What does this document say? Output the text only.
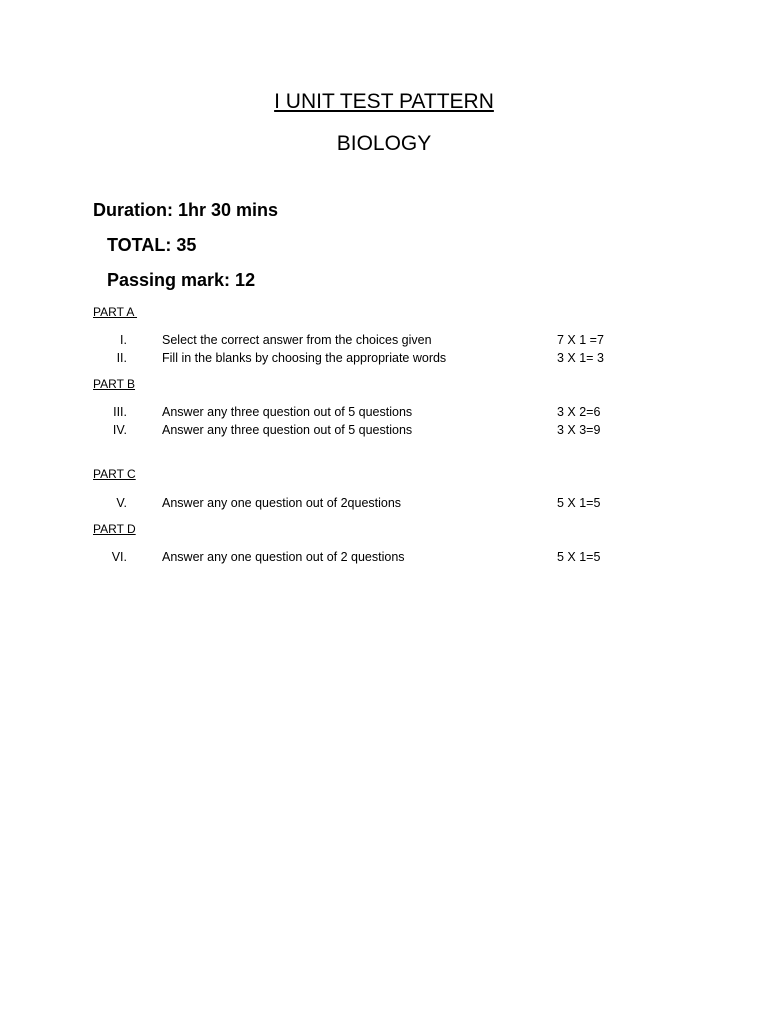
I UNIT TEST PATTERN
BIOLOGY
Duration: 1hr 30 mins
TOTAL: 35
Passing mark: 12
PART A
I.	Select the correct answer from the choices given	7 X 1 =7
II.	Fill in the blanks by choosing the appropriate words	3 X 1= 3
PART B
III.	Answer any three question out of 5 questions	3 X 2=6
IV.	Answer any three question out of 5 questions	3 X 3=9
PART C
V.	Answer any one question out of 2questions	5 X 1=5
PART D
VI.	Answer any one question out of 2 questions	5 X 1=5
